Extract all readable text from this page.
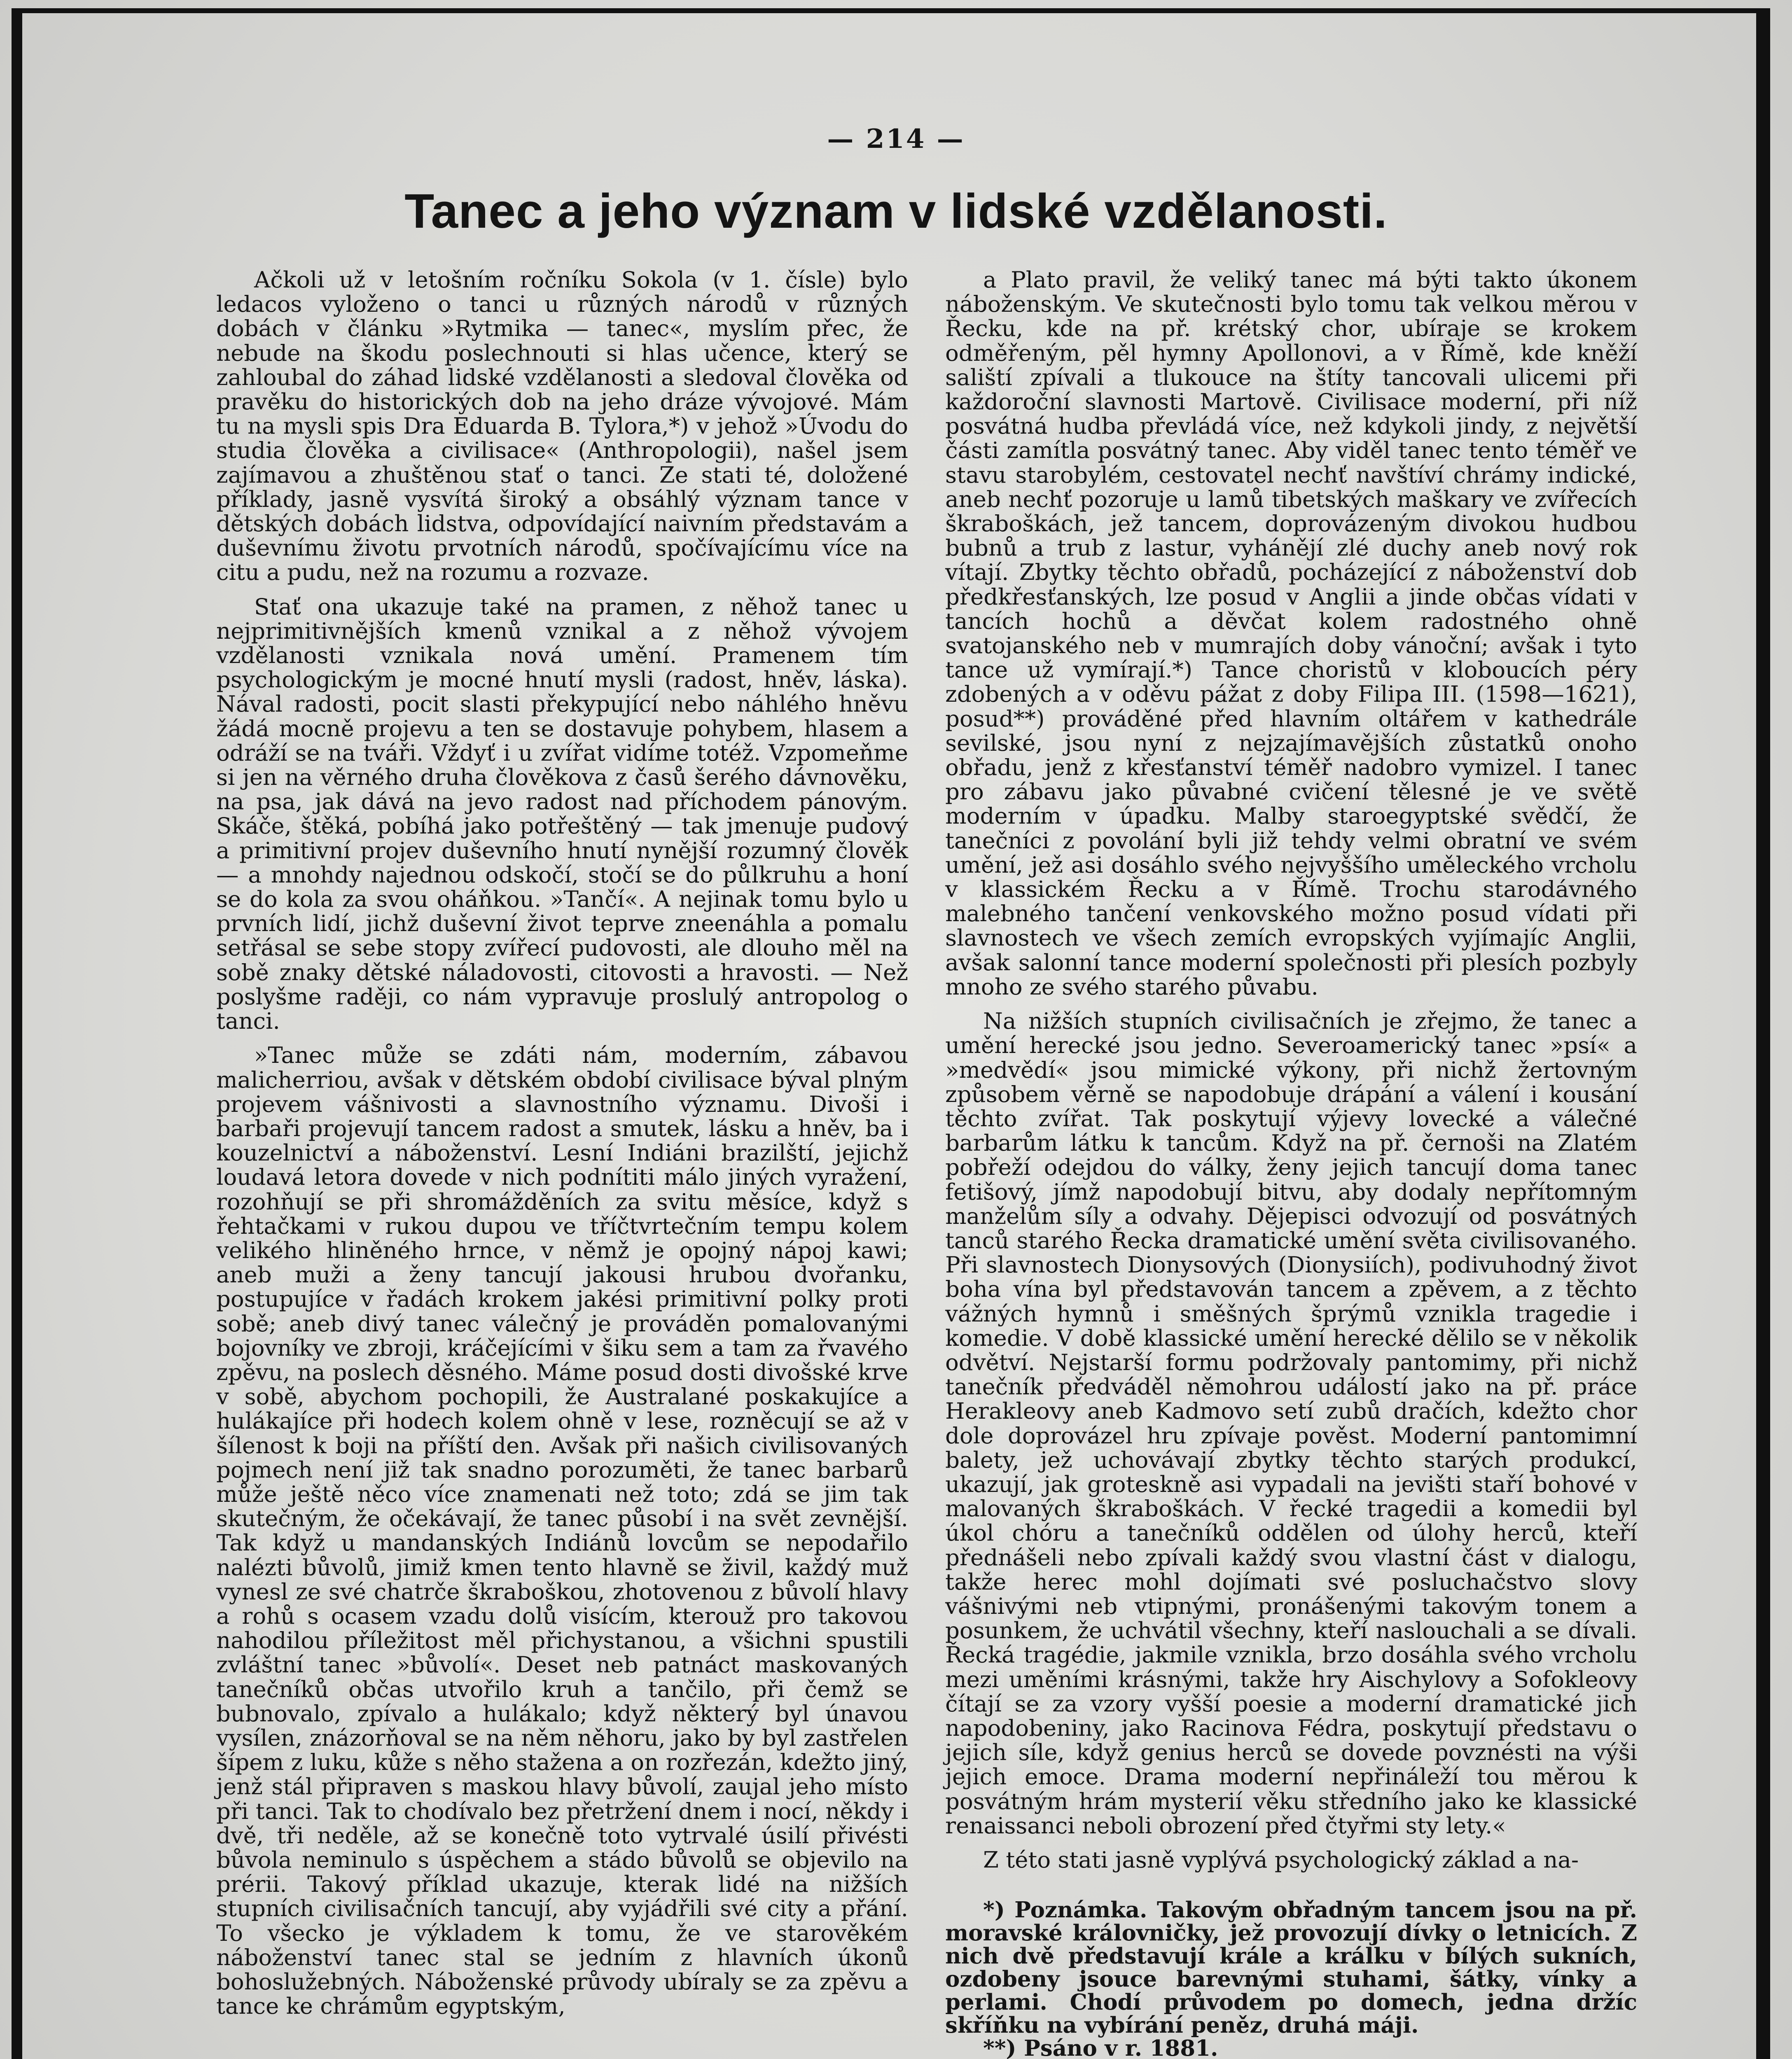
— 214 —
Tanec a jeho význam v lidské vzdělanosti.

Ačkoli už v letošním ročníku Sokola (v 1. čísle) bylo ledacos vyloženo o tanci u různých národů v různých dobách v článku »Rytmika — tanec«, myslím přec, že nebude na škodu poslechnouti si hlas učence, který se zahloubal do záhad lidské vzdělanosti a sledoval člověka od pravěku do historických dob na jeho dráze vývojové. Mám tu na mysli spis Dra Eduarda B. Tylora,*) v jehož »Úvodu do studia člověka a civilisace« (Anthropologii), našel jsem zajímavou a zhuštěnou stať o tanci. Ze stati té, doložené příklady, jasně vysvítá široký a obsáhlý význam tance v dětských dobách lidstva, odpovídající naivním představám a duševnímu životu prvotních národů, spočívajícímu více na citu a pudu, než na rozumu a rozvaze.

Stať ona ukazuje také na pramen, z něhož tanec u nejprimitivnějších kmenů vznikal a z něhož vývojem vzdělanosti vznikala nová umění. Pramenem tím psychologickým je mocné hnutí mysli (radost, hněv, láska). Nával radosti, pocit slasti překypující nebo náhlého hněvu žádá mocně projevu a ten se dostavuje pohybem, hlasem a odráží se na tváři. Vždyť i u zvířat vidíme totéž. Vzpomeňme si jen na věrného druha člověkova z časů šerého dávnověku, na psa, jak dává na jevo radost nad příchodem pánovým. Skáče, štěká, pobíhá jako potřeštěný — tak jmenuje pudový a primitivní projev duševního hnutí nynější rozumný člověk — a mnohdy najednou odskočí, stočí se do půlkruhu a honí se do kola za svou oháňkou. »Tančí«. A nejinak tomu bylo u prvních lidí, jichž duševní život teprve zneenáhla a pomalu setřásal se sebe stopy zvířecí pudovosti, ale dlouho měl na sobě znaky dětské náladovosti, citovosti a hravosti. — Než poslyšme raději, co nám vypravuje proslulý antropolog o tanci.

»Tanec může se zdáti nám, moderním, zábavou malicherriou, avšak v dětském období civilisace býval plným projevem vášnivosti a slavnostního významu. Divoši i barbaři projevují tancem radost a smutek, lásku a hněv, ba i kouzelnictví a náboženství. Lesní Indiáni brazilští, jejichž loudavá letora dovede v nich podnítiti málo jiných vyražení, rozohňují se při shromážděních za svitu měsíce, když s řehtačkami v rukou dupou ve tříčtvrtečním tempu kolem velikého hliněného hrnce, v němž je opojný nápoj kawi; aneb muži a ženy tancují jakousi hrubou dvořanku, postupujíce v řadách krokem jakési primitivní polky proti sobě; aneb divý tanec válečný je prováděn pomalovanými bojovníky ve zbroji, kráčejícími v šiku sem a tam za řvavého zpěvu, na poslech děsného. Máme posud dosti divošské krve v sobě, abychom pochopili, že Australané poskakujíce a hulákajíce při hodech kolem ohně v lese, rozněcují se až v šílenost k boji na příští den. Avšak při našich civilisovaných pojmech není již tak snadno porozuměti, že tanec barbarů může ještě něco více znamenati než toto; zdá se jim tak skutečným, že očekávají, že tanec působí i na svět zevnější. Tak když u mandanských Indiánů lovcům se nepodařilo nalézti bůvolů, jimiž kmen tento hlavně se živil, každý muž vynesl ze své chatrče škraboškou, zhotovenou z bůvolí hlavy a rohů s ocasem vzadu dolů visícím, kterouž pro takovou nahodilou příležitost měl přichystanou, a všichni spustili zvláštní tanec »bůvolí«. Deset neb patnáct maskovaných tanečníků občas utvořilo kruh a tančilo, při čemž se bubnovalo, zpívalo a hulákalo; když některý byl únavou vysílen, znázorňoval se na něm něhoru, jako by byl zastřelen šípem z luku, kůže s něho stažena a on rozřezán, kdežto jiný, jenž stál připraven s maskou hlavy bůvolí, zaujal jeho místo při tanci. Tak to chodívalo bez přetržení dnem i nocí, někdy i dvě, tři neděle, až se konečně toto vytrvalé úsilí přivésti bůvola neminulo s úspěchem a stádo bůvolů se objevilo na prérii. Takový příklad ukazuje, kterak lidé na nižších stupních civilisačních tancují, aby vyjádřili své city a přání. To všecko je výkladem k tomu, že ve starověkém náboženství tanec stal se jedním z hlavních úkonů bohoslužebných. Náboženské průvody ubíraly se za zpěvu a tance ke chrámům egyptským,

a Plato pravil, že veliký tanec má býti takto úkonem náboženským. Ve skutečnosti bylo tomu tak velkou měrou v Řecku, kde na př. krétský chor, ubíraje se krokem odměřeným, pěl hymny Apollonovi, a v Římě, kde kněží saliští zpívali a tlukouce na štíty tancovali ulicemi při každoroční slavnosti Martově. Civilisace moderní, při níž posvátná hudba převládá více, než kdykoli jindy, z největší části zamítla posvátný tanec. Aby viděl tanec tento téměř ve stavu starobylém, cestovatel nechť navštíví chrámy indické, aneb nechť pozoruje u lamů tibetských maškary ve zvířecích škraboškách, jež tancem, doprovázeným divokou hudbou bubnů a trub z lastur, vyhánějí zlé duchy aneb nový rok vítají. Zbytky těchto obřadů, pocházející z náboženství dob předkřesťanských, lze posud v Anglii a jinde občas vídati v tancích hochů a děvčat kolem radostného ohně svatojanského neb v mumrajích doby vánoční; avšak i tyto tance už vymírají.*) Tance choristů v kloboucích péry zdobených a v oděvu pážat z doby Filipa III. (1598—1621), posud**) prováděné před hlavním oltářem v kathedrále sevilské, jsou nyní z nejzajímavějších zůstatků onoho obřadu, jenž z křesťanství téměř nadobro vymizel. I tanec pro zábavu jako půvabné cvičení tělesné je ve světě moderním v úpadku. Malby staroegyptské svědčí, že tanečníci z povolání byli již tehdy velmi obratní ve svém umění, jež asi dosáhlo svého nejvyššího uměleckého vrcholu v klassickém Řecku a v Římě. Trochu starodávného malebného tančení venkovského možno posud vídati při slavnostech ve všech zemích evropských vyjímajíc Anglii, avšak salonní tance moderní společnosti při plesích pozbyly mnoho ze svého starého půvabu.

Na nižších stupních civilisačních je zřejmo, že tanec a umění herecké jsou jedno. Severoamerický tanec »psí« a »medvědí« jsou mimické výkony, při nichž žertovným způsobem věrně se napodobuje drápání a válení i kousání těchto zvířat. Tak poskytují výjevy lovecké a válečné barbarům látku k tancům. Když na př. černoši na Zlatém pobřeží odejdou do války, ženy jejich tancují doma tanec fetišový, jímž napodobují bitvu, aby dodaly nepřítomným manželům síly a odvahy. Dějepisci odvozují od posvátných tanců starého Řecka dramatické umění světa civilisovaného. Při slavnostech Dionysových (Dionysiích), podivuhodný život boha vína byl představován tancem a zpěvem, a z těchto vážných hymnů i směšných šprýmů vznikla tragedie i komedie. V době klassické umění herecké dělilo se v několik odvětví. Nejstarší formu podržovaly pantomimy, při nichž tanečník předváděl němohrou událostí jako na př. práce Herakleovy aneb Kadmovo setí zubů dračích, kdežto chor dole doprovázel hru zpívaje pověst. Moderní pantomimní balety, jež uchovávají zbytky těchto starých produkcí, ukazují, jak groteskně asi vypadali na jevišti staří bohové v malovaných škraboškách. V řecké tragedii a komedii byl úkol chóru a tanečníků oddělen od úlohy herců, kteří přednášeli nebo zpívali každý svou vlastní část v dialogu, takže herec mohl dojímati své posluchačstvo slovy vášnivými neb vtipnými, pronášenými takovým tonem a posunkem, že uchvátil všechny, kteří naslouchali a se dívali. Řecká tragédie, jakmile vznikla, brzo dosáhla svého vrcholu mezi uměními krásnými, takže hry Aischylovy a Sofokleovy čítají se za vzory vyšší poesie a moderní dramatické jich napodobeniny, jako Racinova Fédra, poskytují představu o jejich síle, když genius herců se dovede povznésti na výši jejich emoce. Drama moderní nepřináleží tou měrou k posvátným hrám mysterií věku středního jako ke klassické renaissanci neboli obrození před čtyřmi sty lety.«

Z této stati jasně vyplývá psychologický základ a na-

*) Poznámka. Takovým obřadným tancem jsou na př. moravské královničky, jež provozují dívky o letnicích. Z nich dvě představují krále a králku v bílých sukních, ozdobeny jsouce barevnými stuhami, šátky, vínky a perlami. Chodí průvodem po domech, jedna držíc skříňku na vybírání peněz, druhá máji.
**) Psáno v r. 1881.
